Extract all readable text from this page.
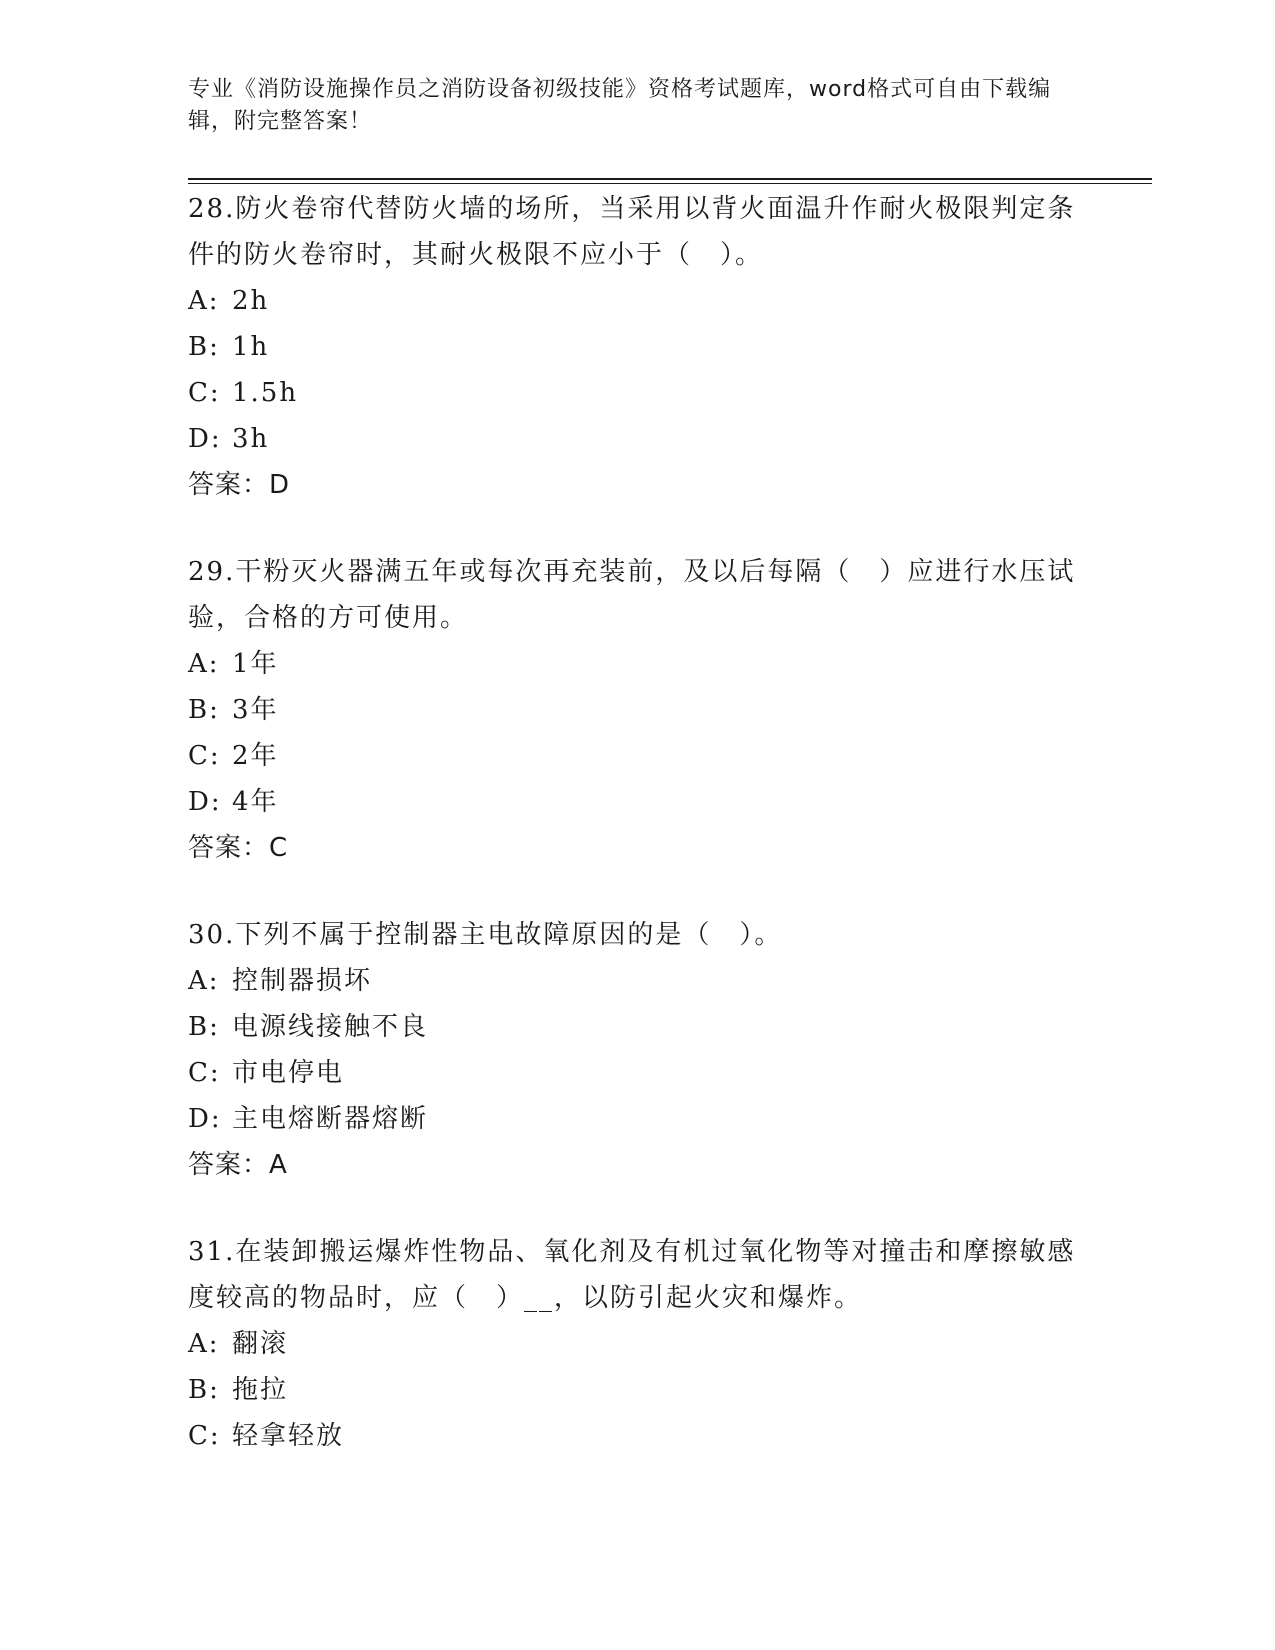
专业《消防设施操作员之消防设备初级技能》资格考试题库，word格式可自由下载编辑，附完整答案！

28.防火卷帘代替防火墙的场所，当采用以背火面温升作耐火极限判定条件的防火卷帘时，其耐火极限不应小于（　）。

A: 2h

B: 1h

C: 1.5h

D: 3h

答案：D

29.干粉灭火器满五年或每次再充装前，及以后每隔（　）应进行水压试验，合格的方可使用。

A: 1年

B: 3年

C: 2年

D: 4年

答案：C

30.下列不属于控制器主电故障原因的是（　）。

A: 控制器损坏

B: 电源线接触不良

C: 市电停电

D: 主电熔断器熔断

答案：A

31.在装卸搬运爆炸性物品、氧化剂及有机过氧化物等对撞击和摩擦敏感度较高的物品时，应（　）__，以防引起火灾和爆炸。

A: 翻滚

B: 拖拉

C: 轻拿轻放
